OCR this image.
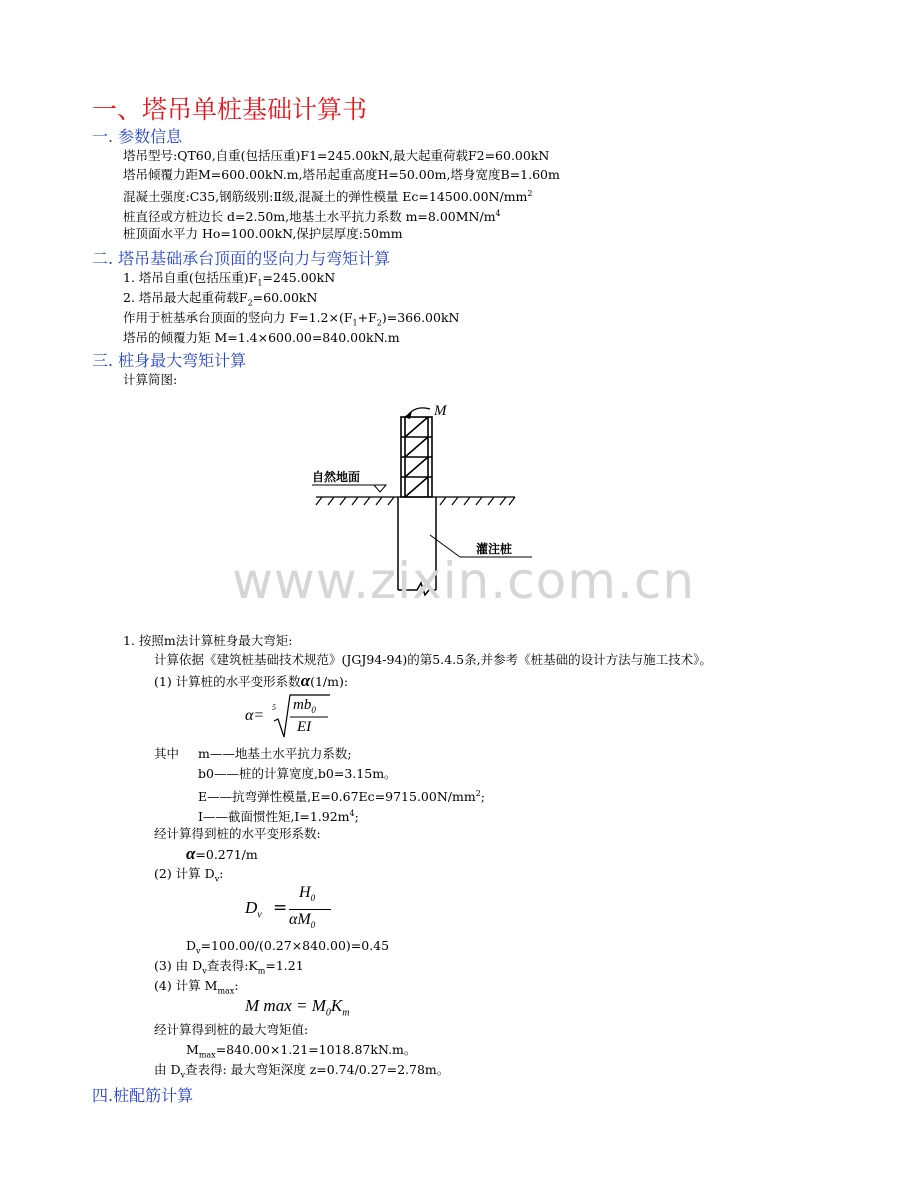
一、塔吊单桩基础计算书
一. 参数信息
塔吊型号:QT60,自重(包括压重)F1=245.00kN,最大起重荷载F2=60.00kN
塔吊倾覆力距M=600.00kN.m,塔吊起重高度H=50.00m,塔身宽度B=1.60m
混凝土强度:C35,钢筋级别:Ⅱ级,混凝土的弹性模量 $Ec=14500.00N/mm^2$
桩直径或方桩边长 d=2.50m,地基土水平抗力系数 $m=8.00MN/m^4$
桩顶面水平力 Ho=100.00kN,保护层厚度:50mm
二. 塔吊基础承台顶面的竖向力与弯矩计算
1. 塔吊自重(包括压重)$F_1=245.00kN$
2. 塔吊最大起重荷载$F_2=60.00kN$
作用于桩基承台顶面的竖向力 $F=1.2\times(F_1+F_2)=366.00kN$
塔吊的倾覆力矩 M=1.4×600.00=840.00kN.m
三. 桩身最大弯矩计算
计算简图:
M
自然地面
灌注桩
www.zixin.com.cn
1. 按照m法计算桩身最大弯矩:
计算依据《建筑桩基础技术规范》(JGJ94-94)的第5.4.5条,并参考《桩基础的设计方法与施工技术》。
(1) 计算桩的水平变形系数α(1/m):
α= 5 $mb_0$
EI
其中 m——地基土水平抗力系数;
b0——桩的计算宽度,b0=3.15m。
E——抗弯弹性模量$,E=0.67Ec=9715.00N/mm^2$;
I——截面惯性矩$,I=1.92m^4$;
经计算得到桩的水平变形系数:
α=0.271/m
(2) 计算 $D_v$:
$D_v$ =
$H_0$
$\alpha M_0$
$D_v=100.00/(0.27\times 840.00)=0.45$
(3) 由 $D_v$查表得$:K_m=1.21$
(4) 计算 $M_{max}$:
M $\max = M_0K_m$
经计算得到桩的最大弯矩值:
$M_{max}=840.00\times 1.21=1018.87kN.m$。
由 $D_v$查表得: 最大弯矩深度 z=0.74/0.27=2.78m。
四.桩配筋计算
